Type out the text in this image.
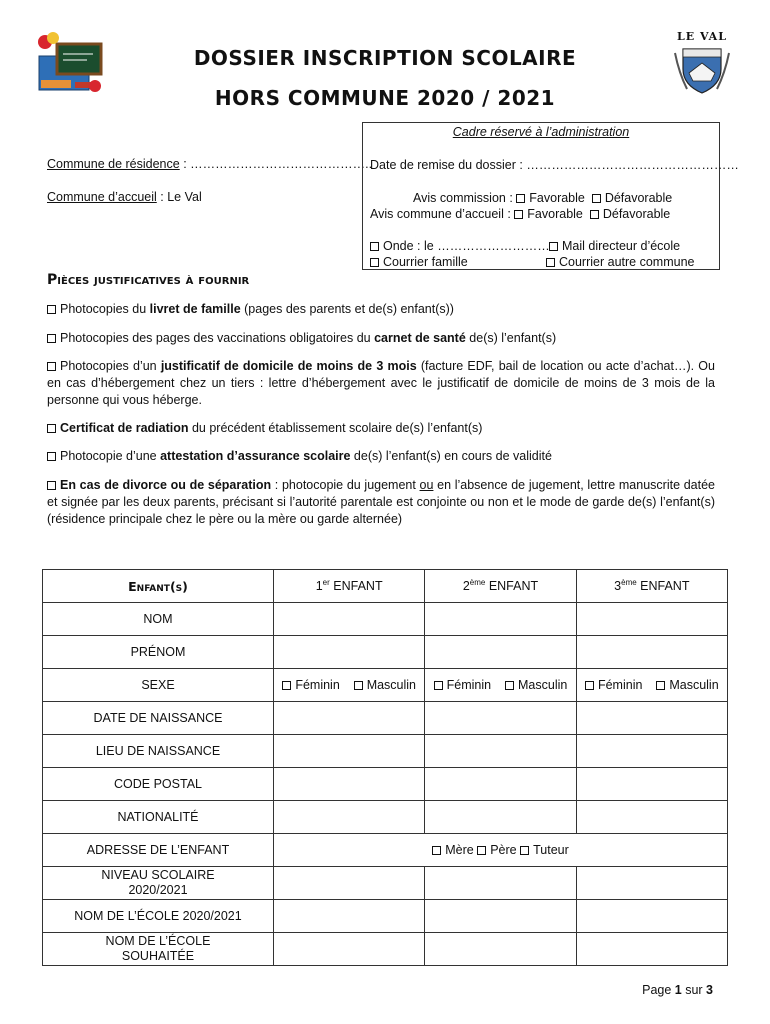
LE VAL
DOSSIER INSCRIPTION SCOLAIRE
HORS COMMUNE 2020 / 2021
Commune de résidence : ……………………………………..
Commune d’accueil : Le Val
Cadre réservé à l’administration
Date de remise du dossier : ……………………………………………
Avis commission : Favorable Défavorable
Avis commune d’accueil : Favorable Défavorable
Onde : le ……………………… Mail directeur d’école
Courrier famille	Courrier autre commune
Pièces justificatives à fournir
Photocopies du livret de famille (pages des parents et de(s) enfant(s))
Photocopies des pages des vaccinations obligatoires du carnet de santé de(s) l’enfant(s)
Photocopies d’un justificatif de domicile de moins de 3 mois (facture EDF, bail de location ou acte d’achat…). Ou en cas d’hébergement chez un tiers : lettre d’hébergement avec le justificatif de domicile de moins de 3 mois de la personne qui vous héberge.
Certificat de radiation du précédent établissement scolaire de(s) l’enfant(s)
Photocopie d’une attestation d’assurance scolaire de(s) l’enfant(s) en cours de validité
En cas de divorce ou de séparation : photocopie du jugement ou en l’absence de jugement, lettre manuscrite datée et signée par les deux parents, précisant si l’autorité parentale est conjointe ou non et le mode de garde de(s) l’enfant(s) (résidence principale chez le père ou la mère ou garde alternée)
Enfant(s)	1er ENFANT	2ème ENFANT	3ème ENFANT
NOM			
PRÉNOM			
SEXE	Féminin Masculin	Féminin Masculin	Féminin Masculin
DATE DE NAISSANCE			
LIEU DE NAISSANCE			
CODE POSTAL			
NATIONALITÉ			
ADRESSE DE L’ENFANT	Mère Père Tuteur		
NIVEAU SCOLAIRE 2020/2021			
NOM DE L’ÉCOLE 2020/2021			
NOM DE L’ÉCOLE SOUHAITÉE			
Page 1 sur 3
